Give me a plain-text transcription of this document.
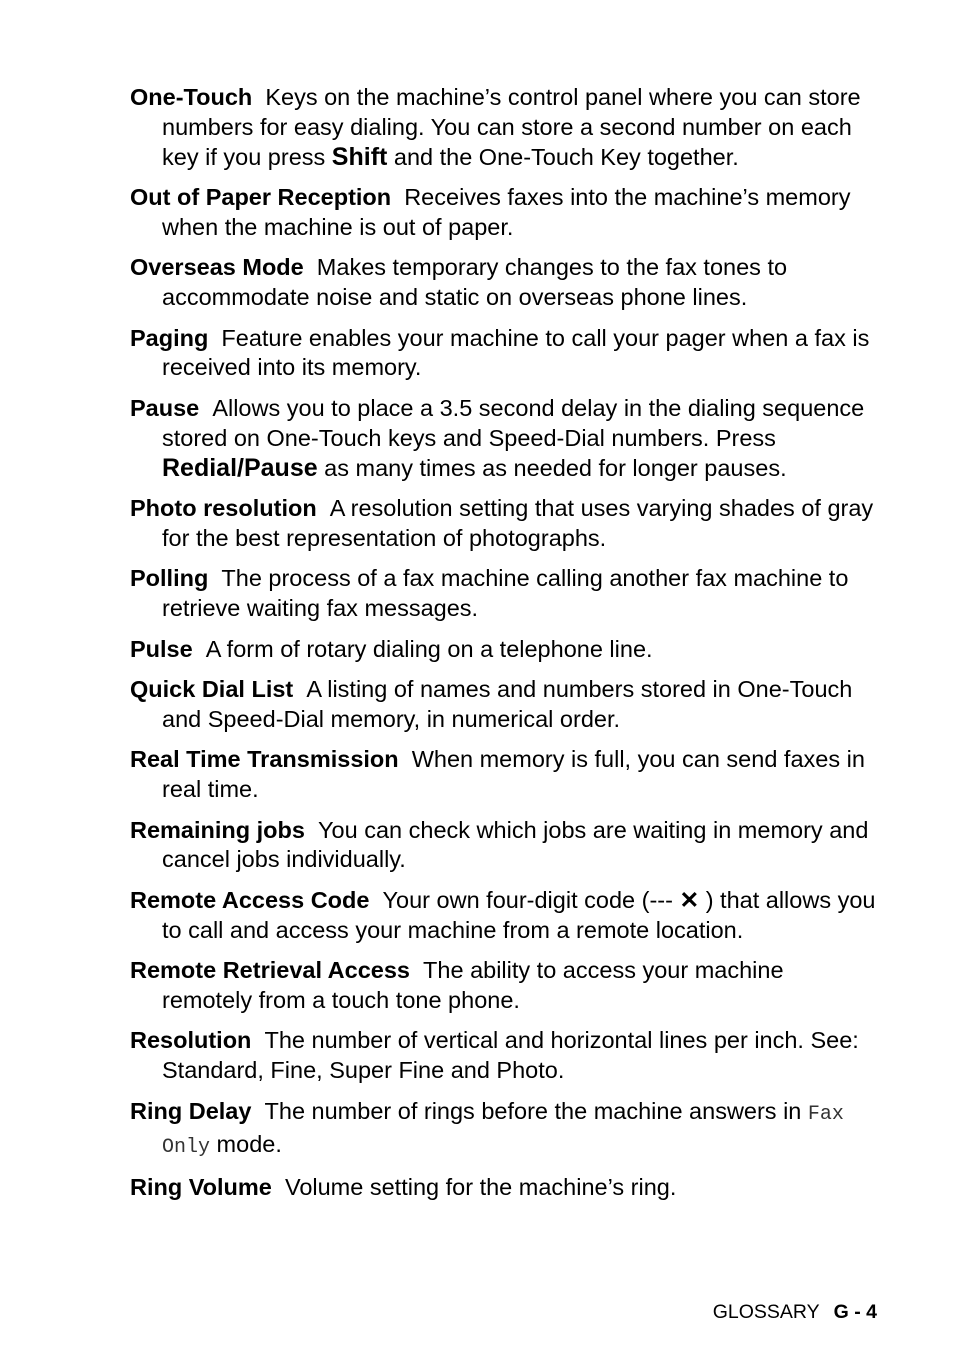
One-Touch Keys on the machine’s control panel where you can store numbers for easy dialing. You can store a second number on each key if you press Shift and the One-Touch Key together.

Out of Paper Reception Receives faxes into the machine’s memory when the machine is out of paper.

Overseas Mode Makes temporary changes to the fax tones to accommodate noise and static on overseas phone lines.

Paging Feature enables your machine to call your pager when a fax is received into its memory.

Pause Allows you to place a 3.5 second delay in the dialing sequence stored on One-Touch keys and Speed-Dial numbers. Press Redial/Pause as many times as needed for longer pauses.

Photo resolution A resolution setting that uses varying shades of gray for the best representation of photographs.

Polling The process of a fax machine calling another fax machine to retrieve waiting fax messages.

Pulse A form of rotary dialing on a telephone line.

Quick Dial List A listing of names and numbers stored in One-Touch and Speed-Dial memory, in numerical order.

Real Time Transmission When memory is full, you can send faxes in real time.

Remaining jobs You can check which jobs are waiting in memory and cancel jobs individually.

Remote Access Code Your own four-digit code (--- ✕ ) that allows you to call and access your machine from a remote location.

Remote Retrieval Access The ability to access your machine remotely from a touch tone phone.

Resolution The number of vertical and horizontal lines per inch. See: Standard, Fine, Super Fine and Photo.

Ring Delay The number of rings before the machine answers in Fax Only mode.

Ring Volume Volume setting for the machine’s ring.

GLOSSARY G - 4
